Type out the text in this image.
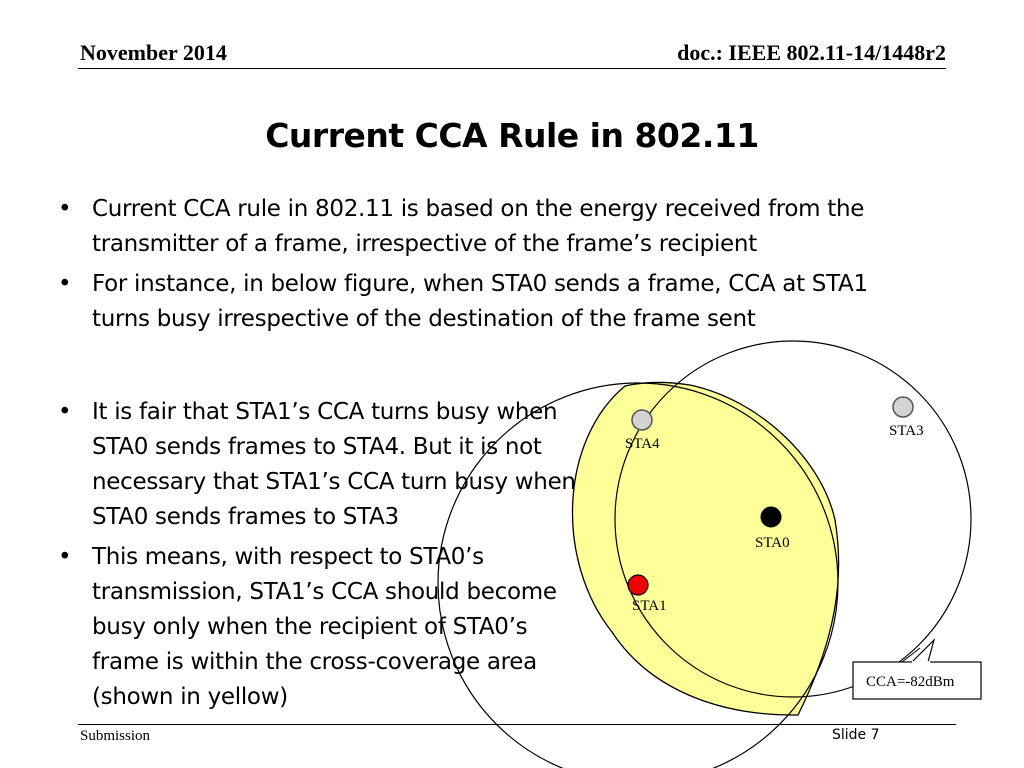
November 2014	doc.: IEEE 802.11-14/1448r2
Current CCA Rule in 802.11
• Current CCA rule in 802.11 is based on the energy received from the transmitter of a frame, irrespective of the frame’s recipient
• For instance, in below figure, when STA0 sends a frame, CCA at STA1 turns busy irrespective of the destination of the frame sent
STA4
STA3
STA0
STA1
CCA=-82dBm
• It is fair that STA1’s CCA turns busy when STA0 sends frames to STA4. But it is not necessary that STA1’s CCA turn busy when STA0 sends frames to STA3
• This means, with respect to STA0’s transmission, STA1’s CCA should become busy only when the recipient of STA0’s frame is within the cross-coverage area (shown in yellow)
Submission	Slide 7
